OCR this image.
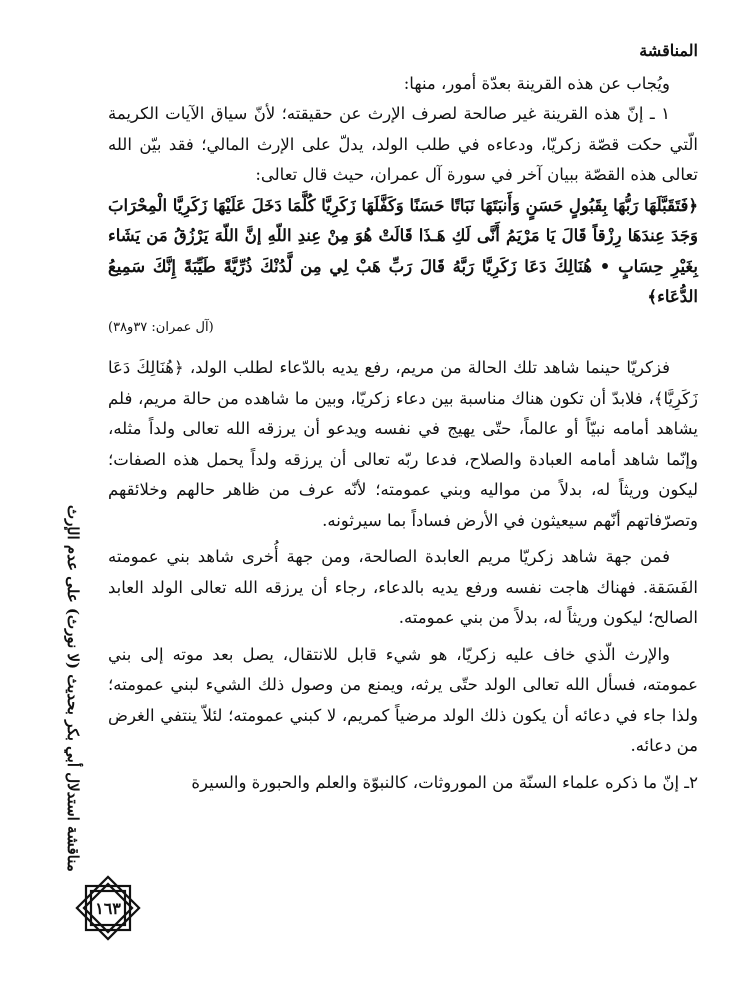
المناقشة

ويُجاب عن هذه القرينة بعدّة أمور، منها:

١ ـ إنّ هذه القرينة غير صالحة لصرف الإرث عن حقيقته؛ لأنّ سياق الآيات الكريمة الّتي حكت قصّة زكريّا، ودعاءه في طلب الولد، يدلّ على الإرث المالي؛ فقد بيّن الله تعالى هذه القصّة ببيان آخر في سورة آل عمران، حيث قال تعالى:

﴿فَتَقَبَّلَهَا رَبُّهَا بِقَبُولٍ حَسَنٍ وَأَنبَتَهَا نَبَاتًا حَسَنًا وَكَفَّلَهَا زَكَرِيَّا كُلَّمَا دَخَلَ عَلَيْهَا زَكَرِيَّا الْمِحْرَابَ وَجَدَ عِندَهَا رِزْقاً قَالَ يَا مَرْيَمُ أَنَّى لَكِ هَـذَا قَالَتْ هُوَ مِنْ عِندِ اللّهِ إنَّ اللّهَ يَرْزُقُ مَن يَشَاء بِغَيْرِ حِسَابٍ • هُنَالِكَ دَعَا زَكَرِيَّا رَبَّهُ قَالَ رَبِّ هَبْ لِي مِن لَّدُنْكَ ذُرِّيَّةً طَيِّبَةً إِنَّكَ سَمِيعُ الدُّعَاء﴾

(آل عمران: ٣٧و٣٨)

فزكريّا حينما شاهد تلك الحالة من مريم، رفع يديه بالدّعاء لطلب الولد، ﴿هُنَالِكَ دَعَا زَكَرِيَّا﴾، فلابدّ أن تكون هناك مناسبة بين دعاء زكريّا، وبين ما شاهده من حالة مريم، فلم يشاهد أمامه نبيّاً أو عالماً، حتّى يهيج في نفسه ويدعو أن يرزقه الله تعالى ولداً مثله، وإنّما شاهد أمامه العبادة والصلاح، فدعا ربّه تعالى أن يرزقه ولداً يحمل هذه الصفات؛ ليكون وريثاً له، بدلاً من مواليه وبني عمومته؛ لأنّه عرف من ظاهر حالهم وخلائقهم وتصرّفاتهم أنّهم سيعيثون في الأرض فساداً بما سيرثونه.

فمن جهة شاهد زكريّا مريم العابدة الصالحة، ومن جهة أُخرى شاهد بني عمومته الفَسَقة. فهناك هاجت نفسه ورفع يديه بالدعاء، رجاء أن يرزقه الله تعالى الولد العابد الصالح؛ ليكون وريثاً له، بدلاً من بني عمومته.

والإرث الّذي خاف عليه زكريّا، هو شيء قابل للانتقال، يصل بعد موته إلى بني عمومته، فسأل الله تعالى الولد حتّى يرثه، ويمنع من وصول ذلك الشيء لبني عمومته؛ ولذا جاء في دعائه أن يكون ذلك الولد مرضياً كمريم، لا كبني عمومته؛ لئلاّ ينتفي الغرض من دعائه.

٢ـ إنّ ما ذكره علماء السنّة من الموروثات، كالنبوّة والعلم والحبورة والسيرة

مناقشة استدلال أبي بكر بحديث (لا نورث) على عدم الإرث
١٦٣
